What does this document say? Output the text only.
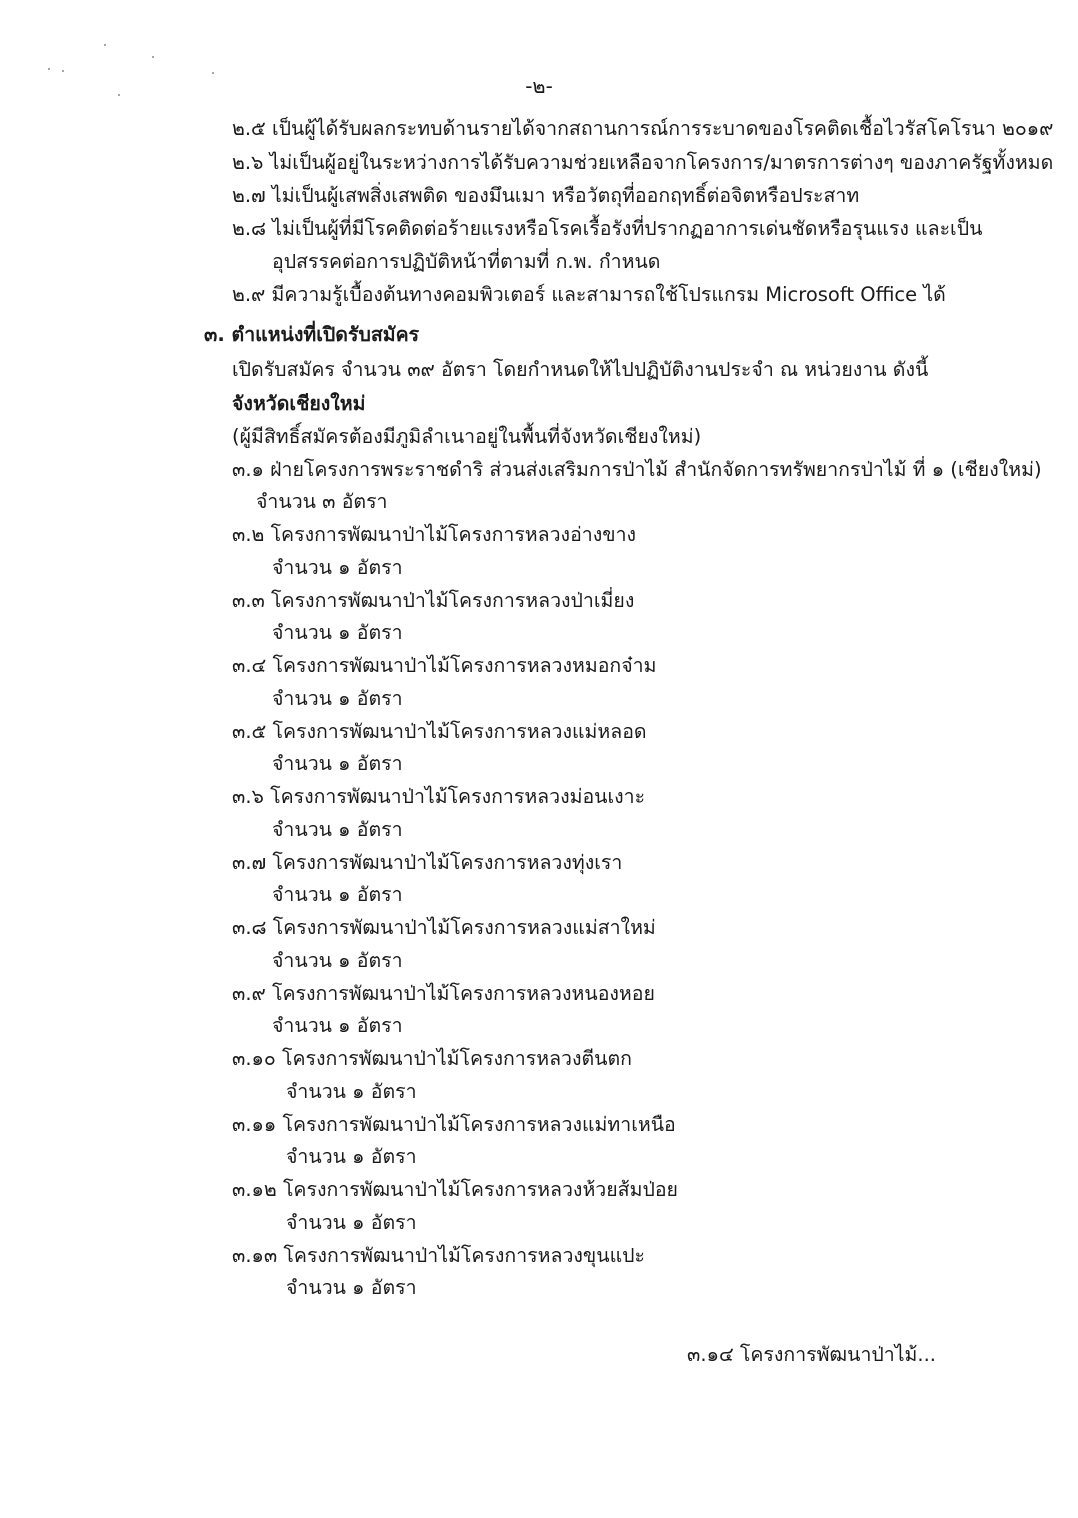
-๒-
๒.๕ เป็นผู้ได้รับผลกระทบด้านรายได้จากสถานการณ์การระบาดของโรคติดเชื้อไวรัสโคโรนา ๒๐๑๙
๒.๖ ไม่เป็นผู้อยู่ในระหว่างการได้รับความช่วยเหลือจากโครงการ/มาตรการต่างๆ ของภาครัฐทั้งหมด
๒.๗ ไม่เป็นผู้เสพสิ่งเสพติด ของมึนเมา หรือวัตถุที่ออกฤทธิ์ต่อจิตหรือประสาท
๒.๘ ไม่เป็นผู้ที่มีโรคติดต่อร้ายแรงหรือโรคเรื้อรังที่ปรากฏอาการเด่นชัดหรือรุนแรง และเป็น
อุปสรรคต่อการปฏิบัติหน้าที่ตามที่ ก.พ. กำหนด
๒.๙ มีความรู้เบื้องต้นทางคอมพิวเตอร์ และสามารถใช้โปรแกรม Microsoft Office ได้
๓. ตำแหน่งที่เปิดรับสมัคร
เปิดรับสมัคร จำนวน ๓๙ อัตรา โดยกำหนดให้ไปปฏิบัติงานประจำ ณ หน่วยงาน ดังนี้
จังหวัดเชียงใหม่
(ผู้มีสิทธิ์สมัครต้องมีภูมิลำเนาอยู่ในพื้นที่จังหวัดเชียงใหม่)
๓.๑ ฝ่ายโครงการพระราชดำริ ส่วนส่งเสริมการป่าไม้ สำนักจัดการทรัพยากรป่าไม้ ที่ ๑ (เชียงใหม่)
จำนวน ๓ อัตรา
๓.๒ โครงการพัฒนาป่าไม้โครงการหลวงอ่างขาง
จำนวน ๑ อัตรา
๓.๓ โครงการพัฒนาป่าไม้โครงการหลวงป่าเมี่ยง
จำนวน ๑ อัตรา
๓.๔ โครงการพัฒนาป่าไม้โครงการหลวงหมอกจ๋าม
จำนวน ๑ อัตรา
๓.๕ โครงการพัฒนาป่าไม้โครงการหลวงแม่หลอด
จำนวน ๑ อัตรา
๓.๖ โครงการพัฒนาป่าไม้โครงการหลวงม่อนเงาะ
จำนวน ๑ อัตรา
๓.๗ โครงการพัฒนาป่าไม้โครงการหลวงทุ่งเรา
จำนวน ๑ อัตรา
๓.๘ โครงการพัฒนาป่าไม้โครงการหลวงแม่สาใหม่
จำนวน ๑ อัตรา
๓.๙ โครงการพัฒนาป่าไม้โครงการหลวงหนองหอย
จำนวน ๑ อัตรา
๓.๑๐ โครงการพัฒนาป่าไม้โครงการหลวงตีนตก
จำนวน ๑ อัตรา
๓.๑๑ โครงการพัฒนาป่าไม้โครงการหลวงแม่ทาเหนือ
จำนวน ๑ อัตรา
๓.๑๒ โครงการพัฒนาป่าไม้โครงการหลวงห้วยส้มป่อย
จำนวน ๑ อัตรา
๓.๑๓ โครงการพัฒนาป่าไม้โครงการหลวงขุนแปะ
จำนวน ๑ อัตรา
๓.๑๔ โครงการพัฒนาป่าไม้...
